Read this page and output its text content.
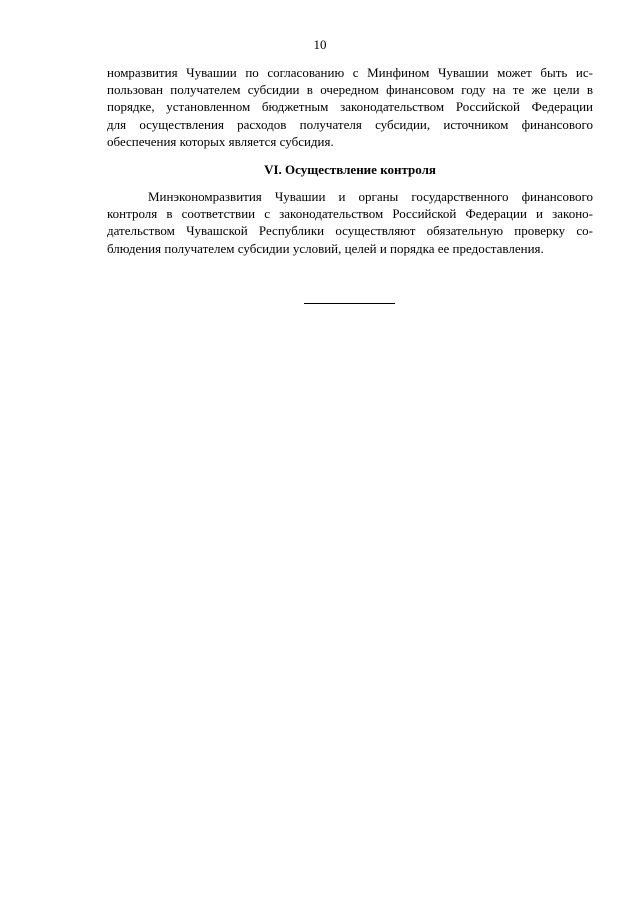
10
номразвития Чувашии по согласованию с Минфином Чувашии может быть ис-
пользован получателем субсидии в очередном финансовом году на те же цели в
порядке, установленном бюджетным законодательством Российской Федерации
для осуществления расходов получателя субсидии, источником финансового
обеспечения которых является субсидия.
VI. Осуществление контроля
Минэкономразвития Чувашии и органы государственного финансового
контроля в соответствии с законодательством Российской Федерации и законо-
дательством Чувашской Республики осуществляют обязательную проверку со-
блюдения получателем субсидии условий, целей и порядка ее предоставления.
